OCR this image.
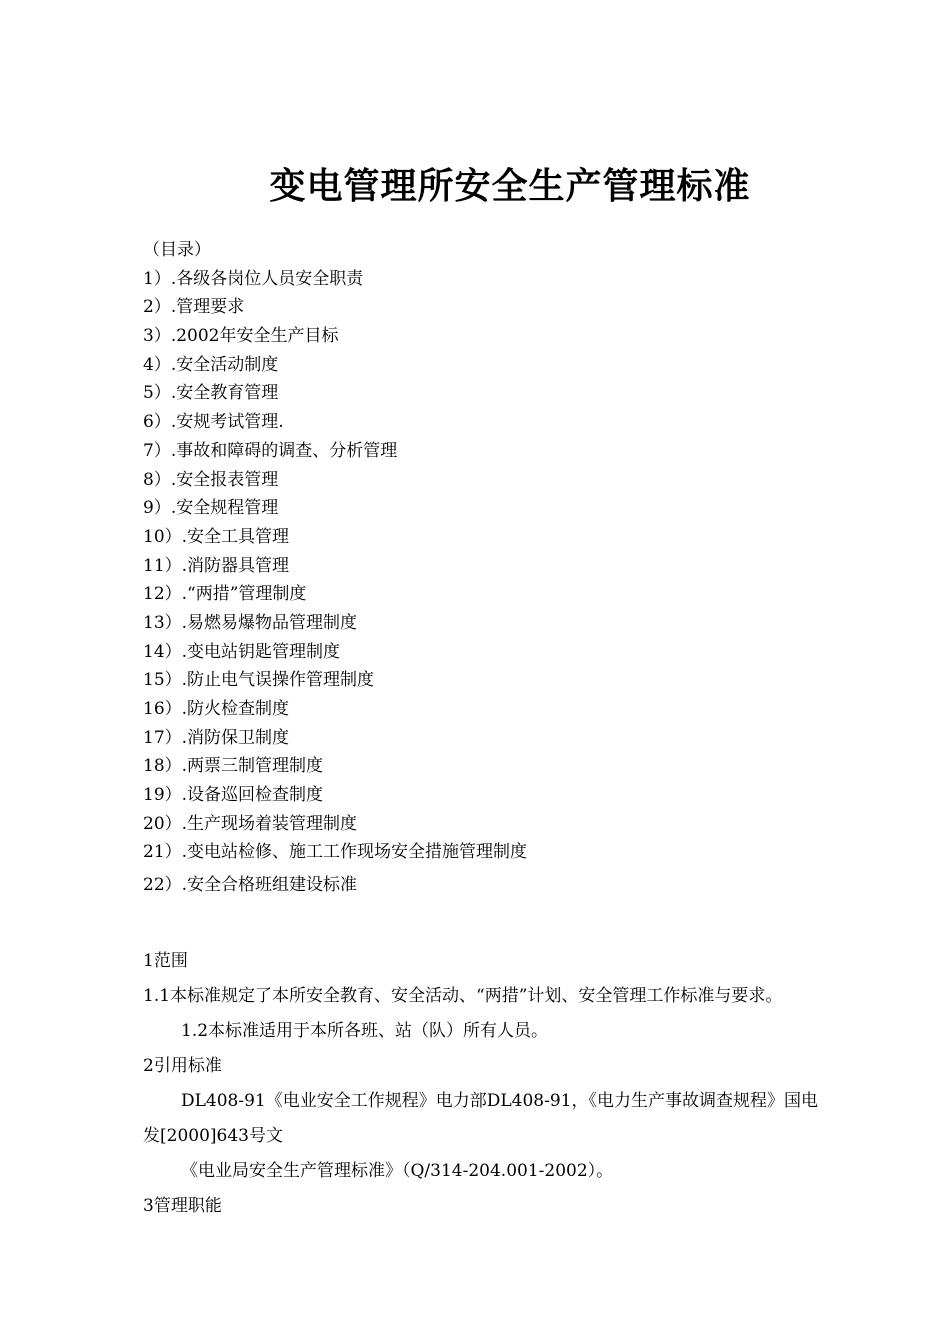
变电管理所安全生产管理标准
（目录）
1）.各级各岗位人员安全职责
2）.管理要求
3）.2002年安全生产目标
4）.安全活动制度
5）.安全教育管理
6）.安规考试管理.
7）.事故和障碍的调查、分析管理
8）.安全报表管理
9）.安全规程管理
10）.安全工具管理
11）.消防器具管理
12）.“两措”管理制度
13）.易燃易爆物品管理制度
14）.变电站钥匙管理制度
15）.防止电气误操作管理制度
16）.防火检查制度
17）.消防保卫制度
18）.两票三制管理制度
19）.设备巡回检查制度
20）.生产现场着装管理制度
21）.变电站检修、施工工作现场安全措施管理制度
22）.安全合格班组建设标准
1范围
1.1本标准规定了本所安全教育、安全活动、“两措”计划、安全管理工作标准与要求。
1.2本标准适用于本所各班、站（队）所有人员。
2引用标准
DL408-91《电业安全工作规程》电力部DL408-91，《电力生产事故调查规程》国电
发[2000]643号文
《电业局安全生产管理标准》（Q/314-204.001-2002）。
3管理职能
